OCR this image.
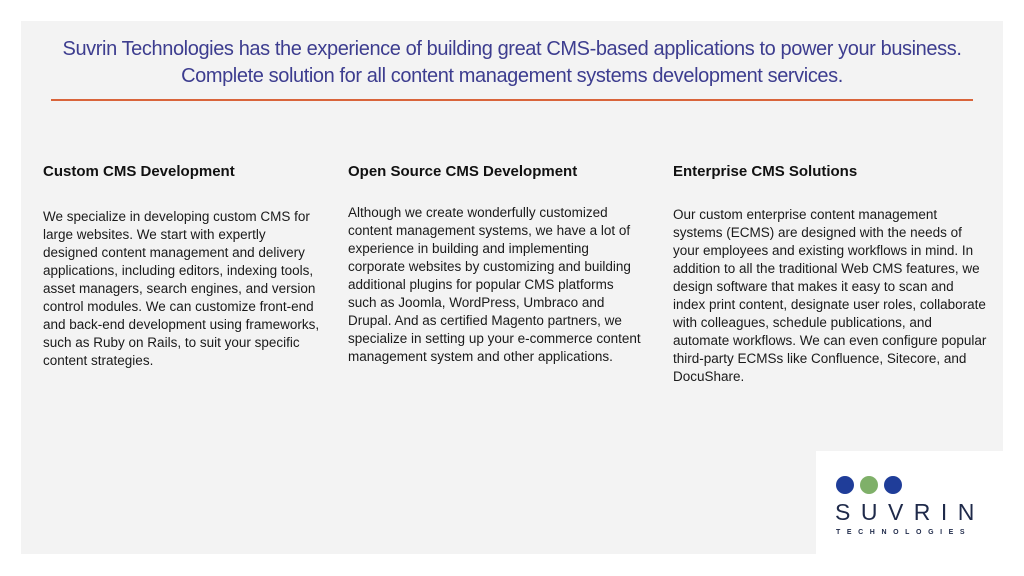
Suvrin Technologies has the experience of building great CMS-based applications to power your business. Complete solution for all content management systems development services.
Custom CMS Development

We specialize in developing custom CMS for large websites. We start with expertly designed content management and delivery applications, including editors, indexing tools, asset managers, search engines, and version control modules. We can customize front-end and back-end development using frameworks, such as Ruby on Rails, to suit your specific content strategies.

Open Source CMS Development

Although we create wonderfully customized content management systems, we have a lot of experience in building and implementing corporate websites by customizing and building additional plugins for popular CMS platforms such as Joomla, WordPress, Umbraco and Drupal. And as certified Magento partners, we specialize in setting up your e-commerce content management system and other applications.

Enterprise CMS Solutions

Our custom enterprise content management systems (ECMS) are designed with the needs of your employees and existing workflows in mind. In addition to all the traditional Web CMS features, we design software that makes it easy to scan and index print content, designate user roles, collaborate with colleagues, schedule publications, and automate workflows. We can even configure popular third-party ECMSs like Confluence, Sitecore, and DocuShare.

SUVRIN
TECHNOLOGIES
